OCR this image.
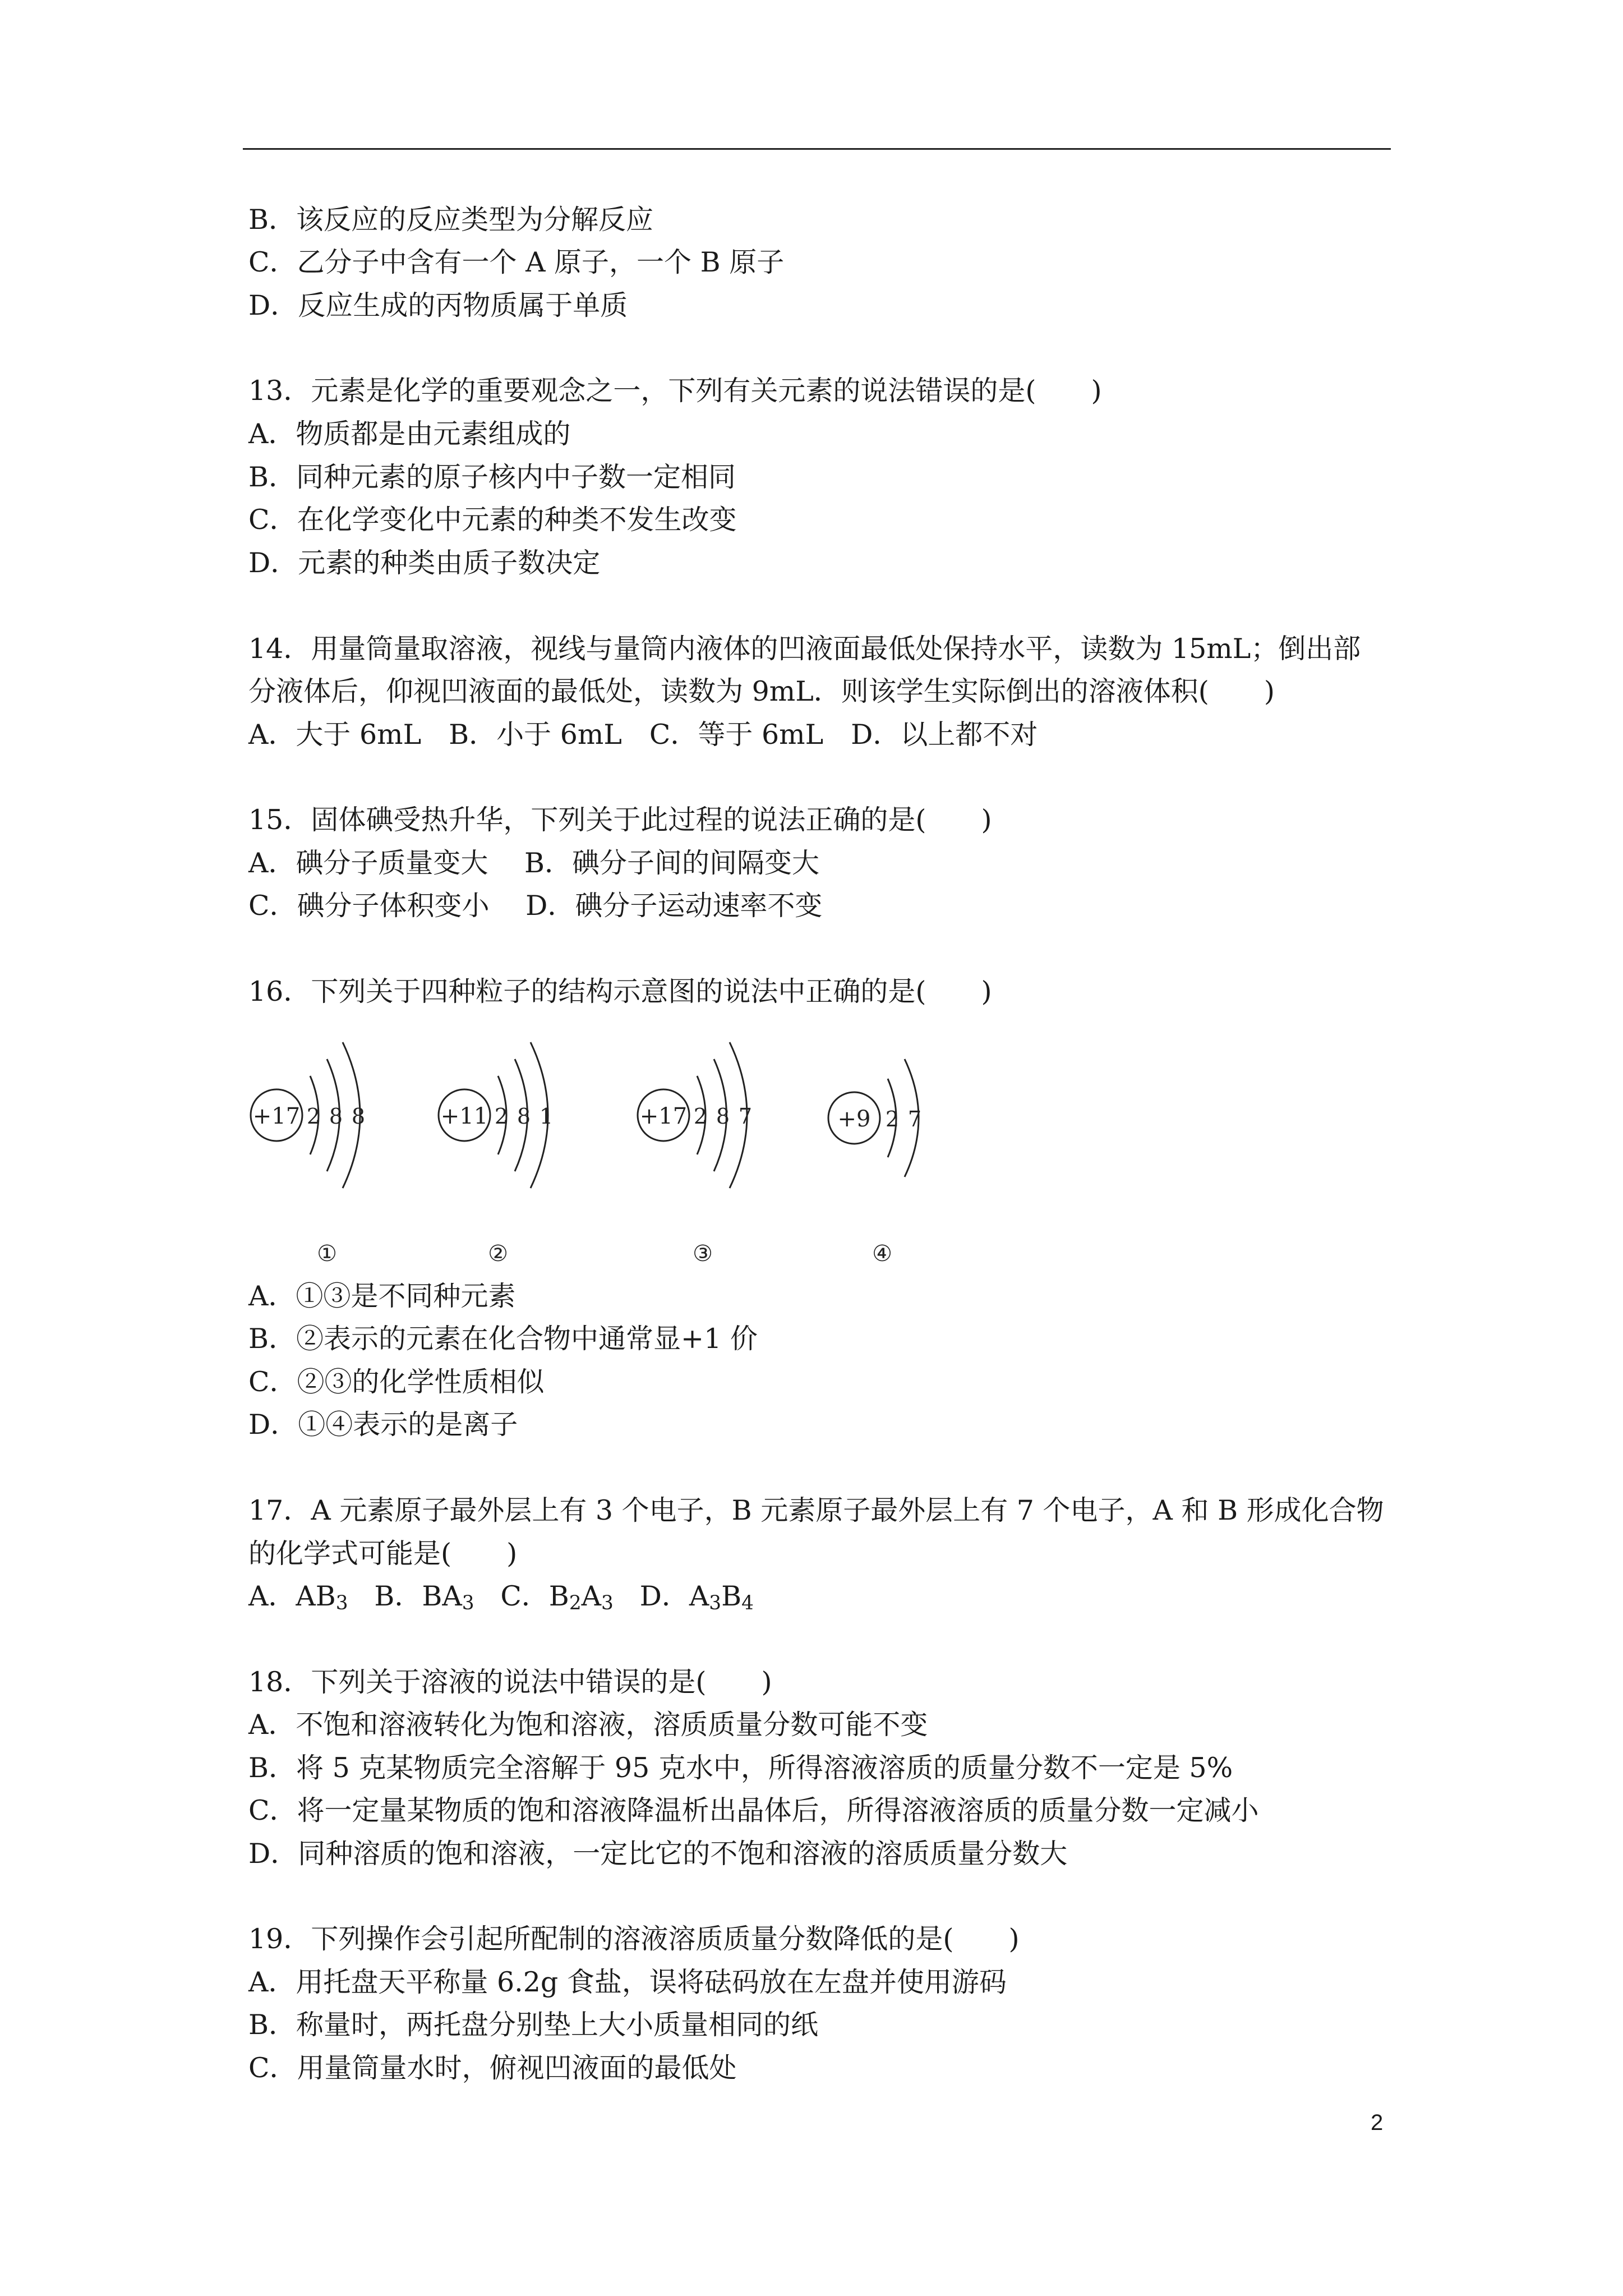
B．该反应的反应类型为分解反应
C．乙分子中含有一个 A 原子，一个 B 原子
D．反应生成的丙物质属于单质
13．元素是化学的重要观念之一，下列有关元素的说法错误的是(　　)
A．物质都是由元素组成的
B．同种元素的原子核内中子数一定相同
C．在化学变化中元素的种类不发生改变
D．元素的种类由质子数决定
14．用量筒量取溶液，视线与量筒内液体的凹液面最低处保持水平，读数为 15mL；倒出部
分液体后，仰视凹液面的最低处，读数为 9mL．则该学生实际倒出的溶液体积(　　)
A．大于 6mL　B．小于 6mL　C．等于 6mL　D．以上都不对
15．固体碘受热升华，下列关于此过程的说法正确的是(　　)
A．碘分子质量变大　 B．碘分子间的间隔变大
C．碘分子体积变小　 D．碘分子运动速率不变
16．下列关于四种粒子的结构示意图的说法中正确的是(　　)
+17 2 8 8
①
+11 2 8 1
②
+17 2 8 7
③
+9 2 7
④
A．①③是不同种元素
B．②表示的元素在化合物中通常显+1 价
C．②③的化学性质相似
D．①④表示的是离子
17．A 元素原子最外层上有 3 个电子，B 元素原子最外层上有 7 个电子，A 和 B 形成化合物
的化学式可能是(　　)
A．$AB_3$ B．$BA_3$ C．$B_2A_3$ D．$A_3B_4$
18．下列关于溶液的说法中错误的是(　　)
A．不饱和溶液转化为饱和溶液，溶质质量分数可能不变
B．将 5 克某物质完全溶解于 95 克水中，所得溶液溶质的质量分数不一定是 5%
C．将一定量某物质的饱和溶液降温析出晶体后，所得溶液溶质的质量分数一定减小
D．同种溶质的饱和溶液，一定比它的不饱和溶液的溶质质量分数大
19．下列操作会引起所配制的溶液溶质质量分数降低的是(　　)
A．用托盘天平称量 6.2g 食盐，误将砝码放在左盘并使用游码
B．称量时，两托盘分别垫上大小质量相同的纸
C．用量筒量水时，俯视凹液面的最低处
2
